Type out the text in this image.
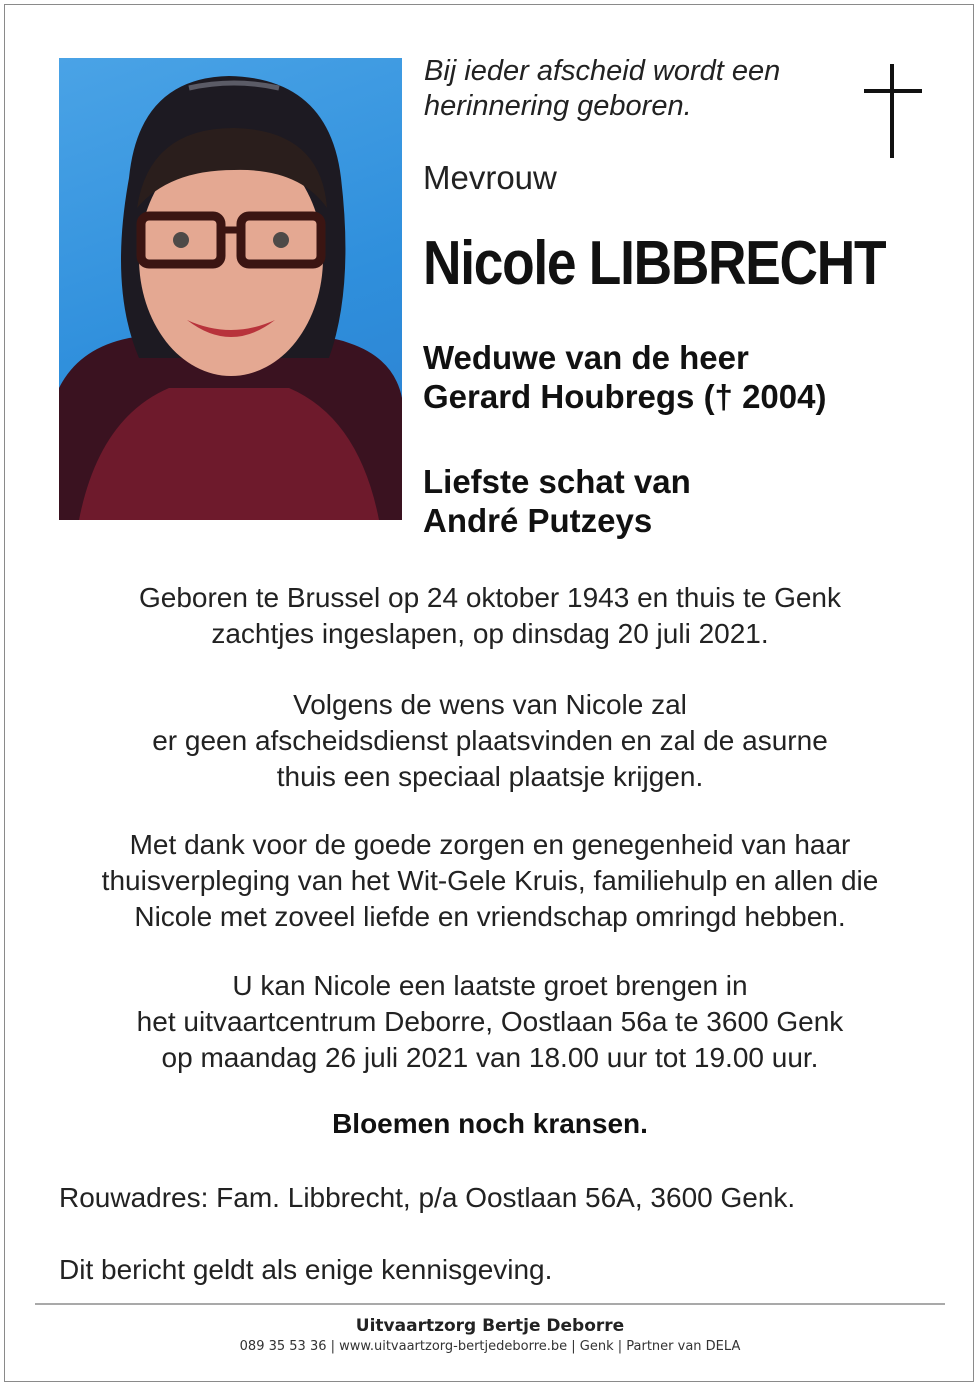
Bij ieder afscheid wordt een
herinnering geboren.
Mevrouw
Nicole LIBBRECHT
Weduwe van de heer
Gerard Houbregs († 2004)
Liefste schat van
André Putzeys
Geboren te Brussel op 24 oktober 1943 en thuis te Genk
zachtjes ingeslapen, op dinsdag 20 juli 2021.
Volgens de wens van Nicole zal
er geen afscheidsdienst plaatsvinden en zal de asurne
thuis een speciaal plaatsje krijgen.
Met dank voor de goede zorgen en genegenheid van haar
thuisverpleging van het Wit-Gele Kruis, familiehulp en allen die
Nicole met zoveel liefde en vriendschap omringd hebben.
U kan Nicole een laatste groet brengen in
het uitvaartcentrum Deborre, Oostlaan 56a te 3600 Genk
op maandag 26 juli 2021 van 18.00 uur tot 19.00 uur.
Bloemen noch kransen.
Rouwadres: Fam. Libbrecht, p/a Oostlaan 56A, 3600 Genk.
Dit bericht geldt als enige kennisgeving.
Uitvaartzorg Bertje Deborre
089 35 53 36 | www.uitvaartzorg-bertjedeborre.be | Genk | Partner van DELA
